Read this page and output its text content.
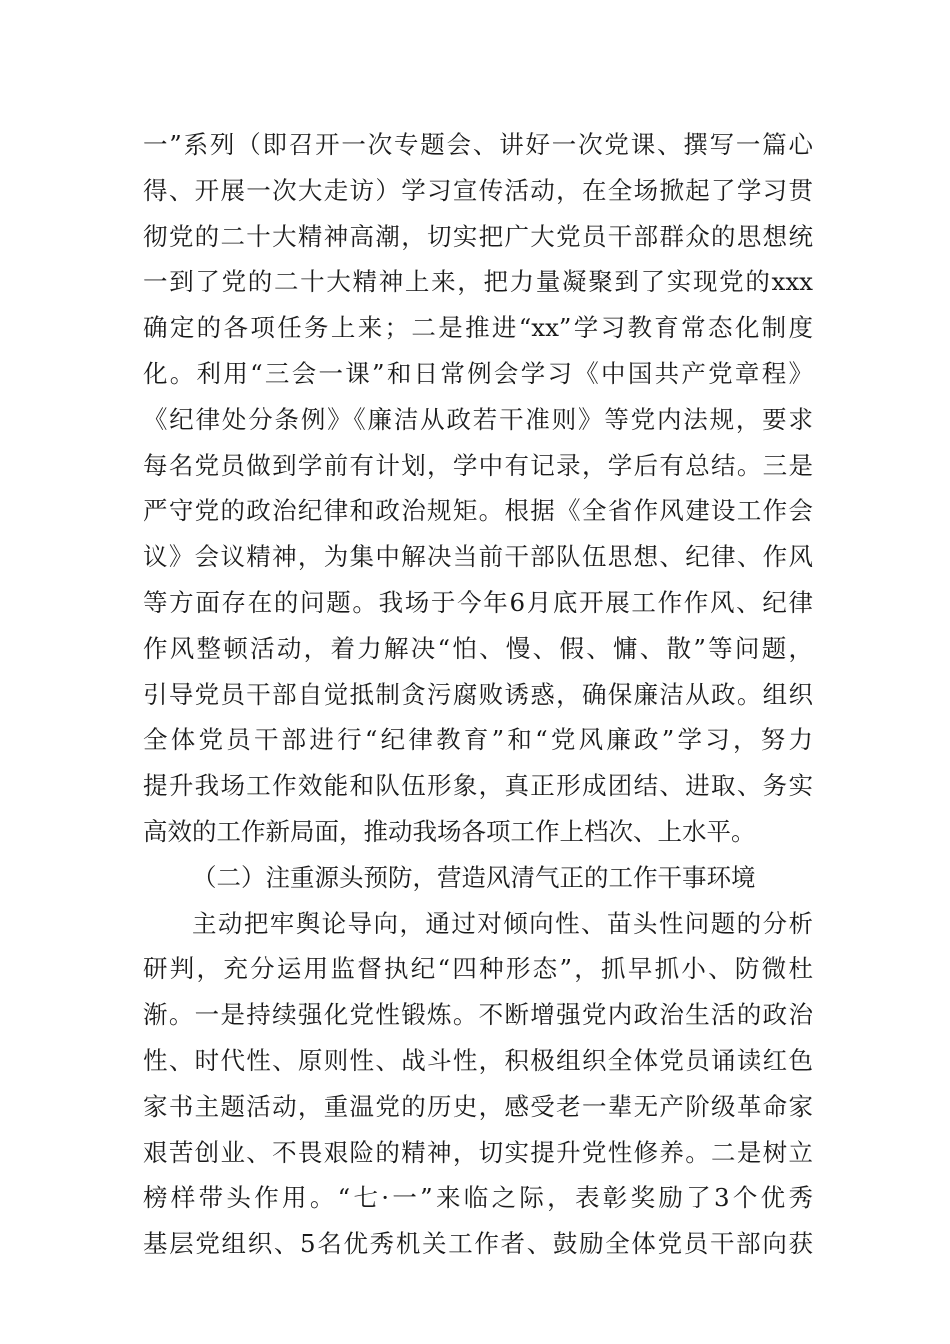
一”系列（即召开一次专题会、讲好一次党课、撰写一篇心
得、开展一次大走访）学习宣传活动，在全场掀起了学习贯
彻党的二十大精神高潮，切实把广大党员干部群众的思想统
一到了党的二十大精神上来，把力量凝聚到了实现党的xxx
确定的各项任务上来；二是推进“xx”学习教育常态化制度
化。利用“三会一课”和日常例会学习《中国共产党章程》
《纪律处分条例》《廉洁从政若干准则》等党内法规，要求
每名党员做到学前有计划，学中有记录，学后有总结。三是
严守党的政治纪律和政治规矩。根据《全省作风建设工作会
议》会议精神，为集中解决当前干部队伍思想、纪律、作风
等方面存在的问题。我场于今年6月底开展工作作风、纪律
作风整顿活动，着力解决“怕、慢、假、慵、散”等问题，
引导党员干部自觉抵制贪污腐败诱惑，确保廉洁从政。组织
全体党员干部进行“纪律教育”和“党风廉政”学习，努力
提升我场工作效能和队伍形象，真正形成团结、进取、务实
高效的工作新局面，推动我场各项工作上档次、上水平。
（二）注重源头预防，营造风清气正的工作干事环境
主动把牢舆论导向，通过对倾向性、苗头性问题的分析
研判，充分运用监督执纪“四种形态”，抓早抓小、防微杜
渐。一是持续强化党性锻炼。不断增强党内政治生活的政治
性、时代性、原则性、战斗性，积极组织全体党员诵读红色
家书主题活动，重温党的历史，感受老一辈无产阶级革命家
艰苦创业、不畏艰险的精神，切实提升党性修养。二是树立
榜样带头作用。“七·一”来临之际，表彰奖励了3个优秀
基层党组织、5名优秀机关工作者、鼓励全体党员干部向获
